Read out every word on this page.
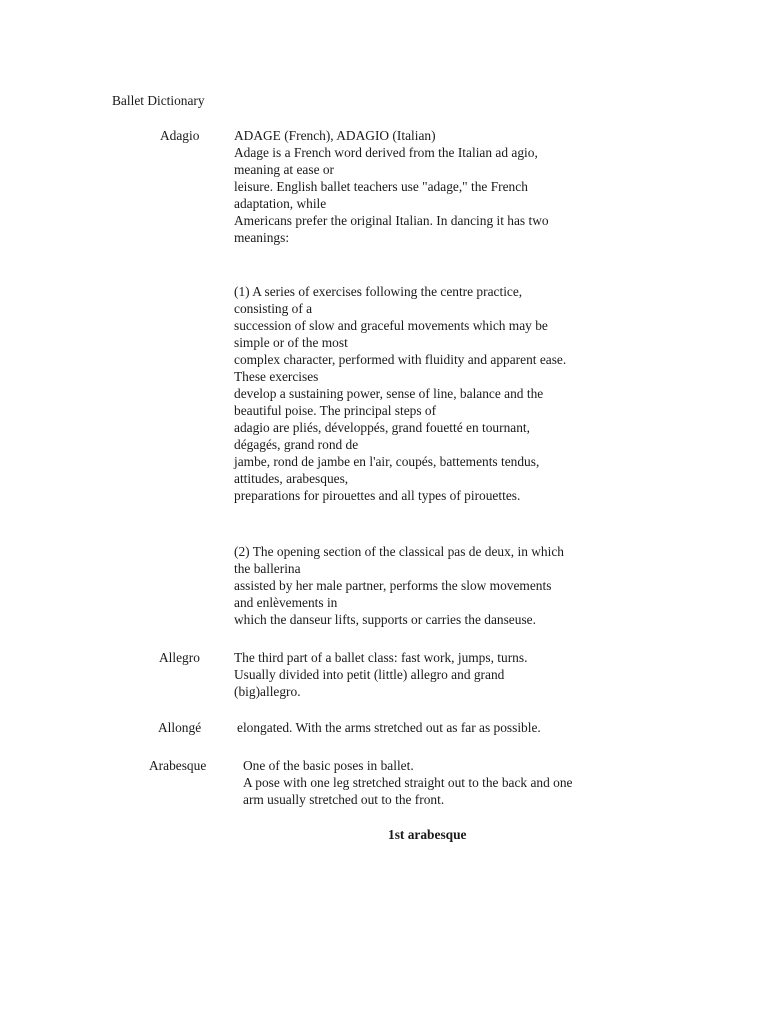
Ballet Dictionary
Adagio	ADAGE (French), ADAGIO (Italian)
Adage is a French word derived from the Italian ad agio,
meaning at ease or
leisure. English ballet teachers use "adage," the French
adaptation, while
Americans prefer the original Italian. In dancing it has two
meanings:
(1) A series of exercises following the centre practice,
consisting of a
succession of slow and graceful movements which may be
simple or of the most
complex character, performed with fluidity and apparent ease.
These exercises
develop a sustaining power, sense of line, balance and the
beautiful poise. The principal steps of
adagio are pliés, développés, grand fouetté en tournant,
dégagés, grand rond de
jambe, rond de jambe en l'air, coupés, battements tendus,
attitudes, arabesques,
preparations for pirouettes and all types of pirouettes.
(2) The opening section of the classical pas de deux, in which
the ballerina
assisted by her male partner, performs the slow movements
and enlèvements in
which the danseur lifts, supports or carries the danseuse.
Allegro	The third part of a ballet class: fast work, jumps, turns.
Usually divided into petit (little) allegro and grand
(big)allegro.
Allongé	elongated. With the arms stretched out as far as possible.
Arabesque	One of the basic poses in ballet.
A pose with one leg stretched straight out to the back and one
arm usually stretched out to the front.
1st arabesque
